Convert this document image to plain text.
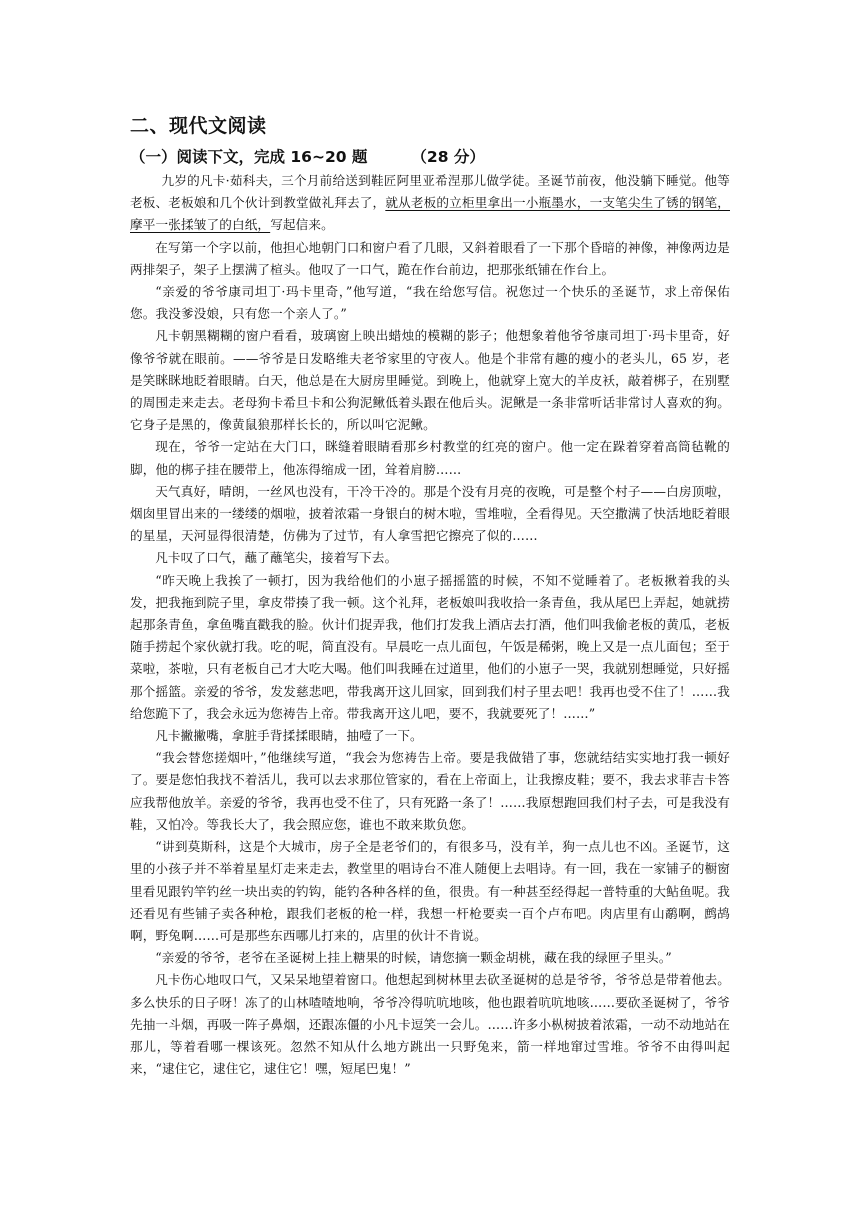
二、现代文阅读
（一）阅读下文，完成 16~20 题	（28 分）

九岁的凡卡·茹科夫，三个月前给送到鞋匠阿里亚希涅那儿做学徒。圣诞节前夜，他没躺下睡觉。他等老板、老板娘和几个伙计到教堂做礼拜去了，就从老板的立柜里拿出一小瓶墨水，一支笔尖生了锈的钢笔，摩平一张揉皱了的白纸，写起信来。

在写第一个字以前，他担心地朝门口和窗户看了几眼，又斜着眼看了一下那个昏暗的神像，神像两边是两排架子，架子上摆满了楦头。他叹了一口气，跪在作台前边，把那张纸铺在作台上。

“亲爱的爷爷康司坦丁·玛卡里奇，”他写道，“我在给您写信。祝您过一个快乐的圣诞节，求上帝保佑您。我没爹没娘，只有您一个亲人了。”

凡卡朝黑糊糊的窗户看看，玻璃窗上映出蜡烛的模糊的影子；他想象着他爷爷康司坦丁·玛卡里奇，好像爷爷就在眼前。——爷爷是日发略维夫老爷家里的守夜人。他是个非常有趣的瘦小的老头儿，65 岁，老是笑眯眯地眨着眼睛。白天，他总是在大厨房里睡觉。到晚上，他就穿上宽大的羊皮袄，敲着梆子，在别墅的周围走来走去。老母狗卡希旦卡和公狗泥鳅低着头跟在他后头。泥鳅是一条非常听话非常讨人喜欢的狗。它身子是黑的，像黄鼠狼那样长长的，所以叫它泥鳅。

现在，爷爷一定站在大门口，眯缝着眼睛看那乡村教堂的红亮的窗户。他一定在跺着穿着高筒毡靴的脚，他的梆子挂在腰带上，他冻得缩成一团，耸着肩膀……

天气真好，晴朗，一丝风也没有，干冷干冷的。那是个没有月亮的夜晚，可是整个村子——白房顶啦，烟囱里冒出来的一缕缕的烟啦，披着浓霜一身银白的树木啦，雪堆啦，全看得见。天空撒满了快活地眨着眼的星星，天河显得很清楚，仿佛为了过节，有人拿雪把它擦亮了似的……

凡卡叹了口气，蘸了蘸笔尖，接着写下去。

“昨天晚上我挨了一顿打，因为我给他们的小崽子摇摇篮的时候，不知不觉睡着了。老板揪着我的头发，把我拖到院子里，拿皮带揍了我一顿。这个礼拜，老板娘叫我收拾一条青鱼，我从尾巴上弄起，她就捞起那条青鱼，拿鱼嘴直戳我的脸。伙计们捉弄我，他们打发我上酒店去打酒，他们叫我偷老板的黄瓜，老板随手捞起个家伙就打我。吃的呢，简直没有。早晨吃一点儿面包，午饭是稀粥，晚上又是一点儿面包；至于菜啦，茶啦，只有老板自己才大吃大喝。他们叫我睡在过道里，他们的小崽子一哭，我就别想睡觉，只好摇那个摇篮。亲爱的爷爷，发发慈悲吧，带我离开这儿回家，回到我们村子里去吧！我再也受不住了！……我给您跪下了，我会永远为您祷告上帝。带我离开这儿吧，要不，我就要死了！……”

凡卡撇撇嘴，拿脏手背揉揉眼睛，抽噎了一下。

“我会替您搓烟叶，”他继续写道，“我会为您祷告上帝。要是我做错了事，您就结结实实地打我一顿好了。要是您怕我找不着活儿，我可以去求那位管家的，看在上帝面上，让我擦皮鞋；要不，我去求菲吉卡答应我帮他放羊。亲爱的爷爷，我再也受不住了，只有死路一条了！……我原想跑回我们村子去，可是我没有鞋，又怕冷。等我长大了，我会照应您，谁也不敢来欺负您。

“讲到莫斯科，这是个大城市，房子全是老爷们的，有很多马，没有羊，狗一点儿也不凶。圣诞节，这里的小孩子并不举着星星灯走来走去，教堂里的唱诗台不准人随便上去唱诗。有一回，我在一家铺子的橱窗里看见跟钓竿钓丝一块出卖的钓钩，能钓各种各样的鱼，很贵。有一种甚至经得起一普特重的大鲇鱼呢。我还看见有些铺子卖各种枪，跟我们老板的枪一样，我想一杆枪要卖一百个卢布吧。肉店里有山鹬啊，鹧鸪啊，野兔啊……可是那些东西哪儿打来的，店里的伙计不肯说。

“亲爱的爷爷，老爷在圣诞树上挂上糖果的时候，请您摘一颗金胡桃，藏在我的绿匣子里头。”

凡卡伤心地叹口气，又呆呆地望着窗口。他想起到树林里去砍圣诞树的总是爷爷，爷爷总是带着他去。多么快乐的日子呀！冻了的山林喳喳地响，爷爷冷得吭吭地咳，他也跟着吭吭地咳……要砍圣诞树了，爷爷先抽一斗烟，再吸一阵子鼻烟，还跟冻僵的小凡卡逗笑一会儿。……许多小枞树披着浓霜，一动不动地站在那儿，等着看哪一棵该死。忽然不知从什么地方跳出一只野兔来，箭一样地窜过雪堆。爷爷不由得叫起来，“逮住它，逮住它，逮住它！嘿，短尾巴鬼！”
